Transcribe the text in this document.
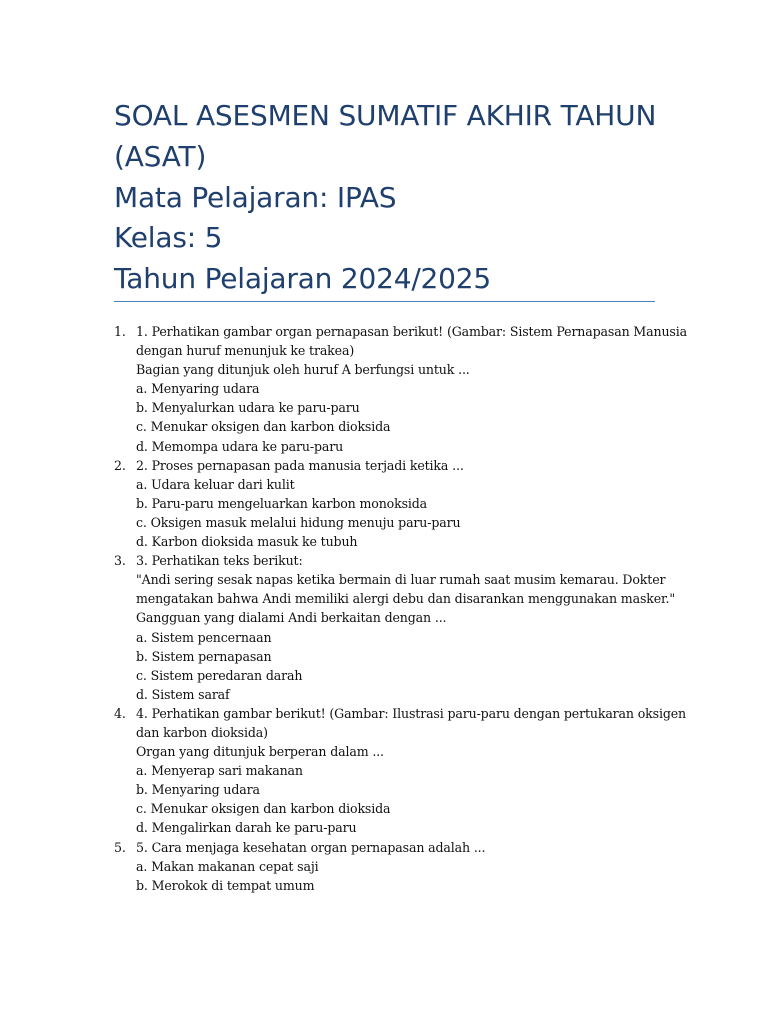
SOAL ASESMEN SUMATIF AKHIR TAHUN
(ASAT)
Mata Pelajaran: IPAS
Kelas: 5
Tahun Pelajaran 2024/2025
1. 1. Perhatikan gambar organ pernapasan berikut! (Gambar: Sistem Pernapasan Manusia
dengan huruf menunjuk ke trakea)
Bagian yang ditunjuk oleh huruf A berfungsi untuk ...
a. Menyaring udara
b. Menyalurkan udara ke paru-paru
c. Menukar oksigen dan karbon dioksida
d. Memompa udara ke paru-paru
2. 2. Proses pernapasan pada manusia terjadi ketika ...
a. Udara keluar dari kulit
b. Paru-paru mengeluarkan karbon monoksida
c. Oksigen masuk melalui hidung menuju paru-paru
d. Karbon dioksida masuk ke tubuh
3. 3. Perhatikan teks berikut:
"Andi sering sesak napas ketika bermain di luar rumah saat musim kemarau. Dokter
mengatakan bahwa Andi memiliki alergi debu dan disarankan menggunakan masker."
Gangguan yang dialami Andi berkaitan dengan ...
a. Sistem pencernaan
b. Sistem pernapasan
c. Sistem peredaran darah
d. Sistem saraf
4. 4. Perhatikan gambar berikut! (Gambar: Ilustrasi paru-paru dengan pertukaran oksigen
dan karbon dioksida)
Organ yang ditunjuk berperan dalam ...
a. Menyerap sari makanan
b. Menyaring udara
c. Menukar oksigen dan karbon dioksida
d. Mengalirkan darah ke paru-paru
5. 5. Cara menjaga kesehatan organ pernapasan adalah ...
a. Makan makanan cepat saji
b. Merokok di tempat umum
